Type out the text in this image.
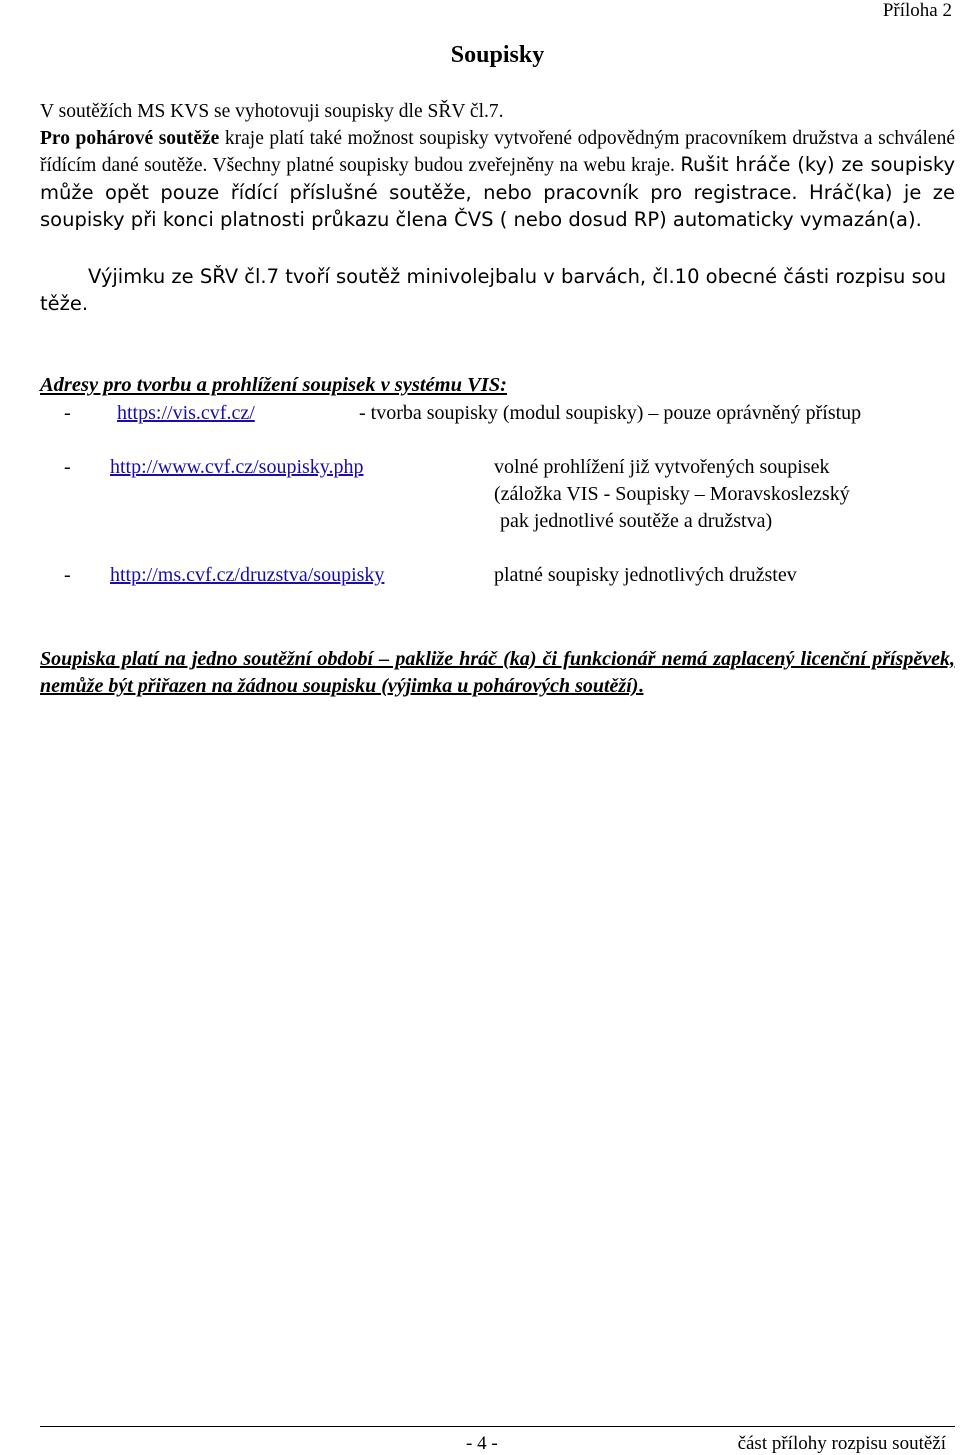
Příloha 2
Soupisky
V soutěžích MS KVS se vyhotovuji soupisky dle SŘV čl.7.
Pro pohárové soutěže kraje platí také možnost soupisky vytvořené odpovědným pracovníkem družstva a schválené řídícím dané soutěže. Všechny platné soupisky budou zveřejněny na webu kraje. Rušit hráče (ky) ze soupisky může opět pouze řídící příslušné soutěže, nebo pracovník pro registrace. Hráč(ka) je ze soupisky při konci platnosti průkazu člena ČVS ( nebo dosud RP) automaticky vymazán(a).
Výjimku ze SŘV čl.7 tvoří soutěž minivolejbalu v barvách, čl.10 obecné části rozpisu sou
těže.
Adresy pro tvorbu a prohlížení soupisek v systému VIS:
- https://vis.cvf.cz/	- tvorba soupisky (modul soupisky) – pouze oprávněný přístup
- http://www.cvf.cz/soupisky.php	volné prohlížení již vytvořených soupisek
(záložka VIS - Soupisky – Moravskoslezský
pak jednotlivé soutěže a družstva)
- http://ms.cvf.cz/druzstva/soupisky	platné soupisky jednotlivých družstev
Soupiska platí na jedno soutěžní období – pakliže hráč (ka) či funkcionář nemá zaplacený licenční příspěvek, nemůže být přiřazen na žádnou soupisku (výjimka u pohárových soutěží).
- 4 -	část přílohy rozpisu soutěží
